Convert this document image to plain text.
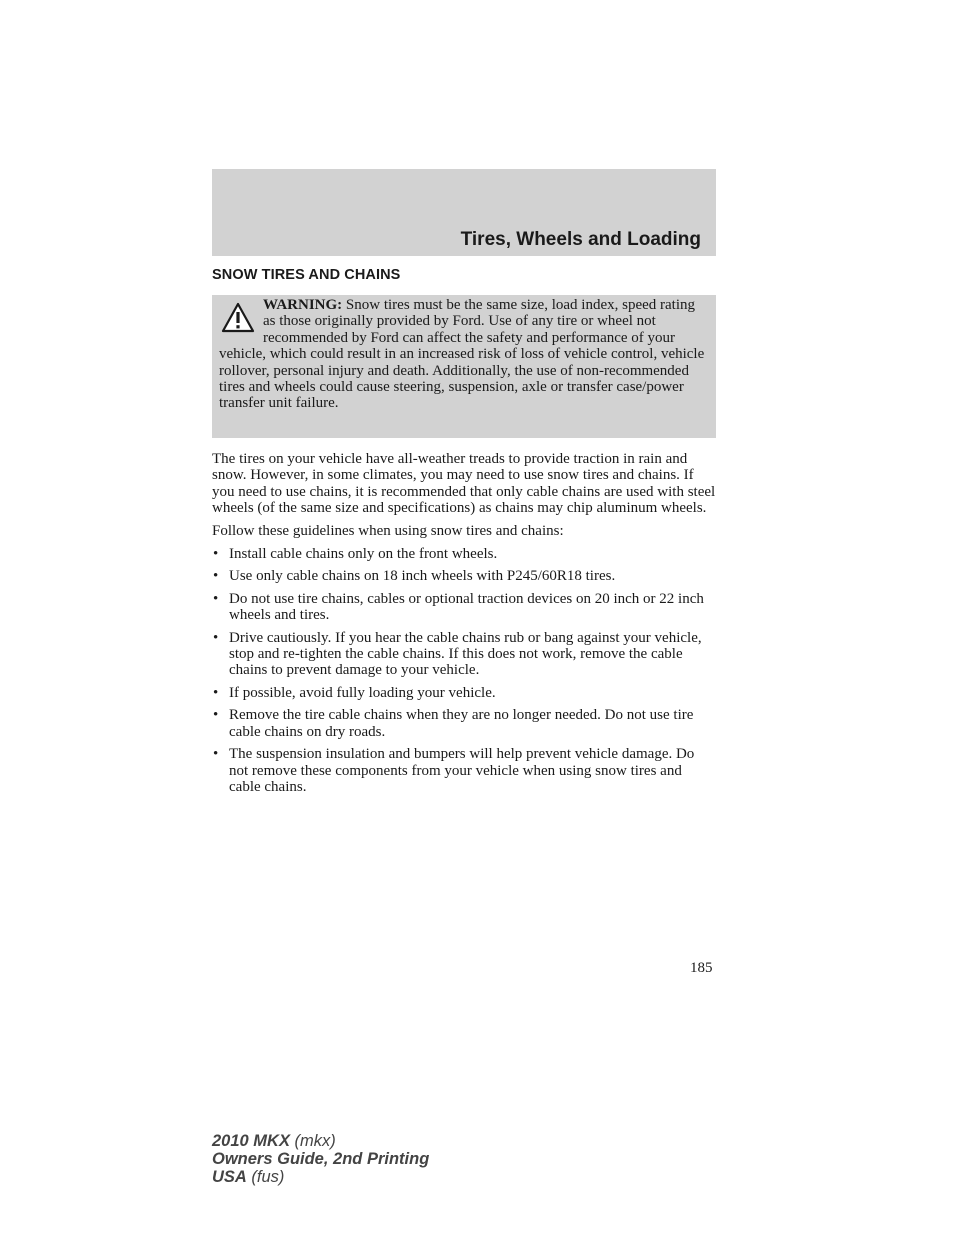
Tires, Wheels and Loading
SNOW TIRES AND CHAINS
WARNING: Snow tires must be the same size, load index, speed rating as those originally provided by Ford. Use of any tire or wheel not recommended by Ford can affect the safety and performance of your vehicle, which could result in an increased risk of loss of vehicle control, vehicle rollover, personal injury and death. Additionally, the use of non-recommended tires and wheels could cause steering, suspension, axle or transfer case/power transfer unit failure.

The tires on your vehicle have all-weather treads to provide traction in rain and snow. However, in some climates, you may need to use snow tires and chains. If you need to use chains, it is recommended that only cable chains are used with steel wheels (of the same size and specifications) as chains may chip aluminum wheels.

Follow these guidelines when using snow tires and chains:

• Install cable chains only on the front wheels.
• Use only cable chains on 18 inch wheels with P245/60R18 tires.
• Do not use tire chains, cables or optional traction devices on 20 inch or 22 inch wheels and tires.
• Drive cautiously. If you hear the cable chains rub or bang against your vehicle, stop and re-tighten the cable chains. If this does not work, remove the cable chains to prevent damage to your vehicle.
• If possible, avoid fully loading your vehicle.
• Remove the tire cable chains when they are no longer needed. Do not use tire cable chains on dry roads.
• The suspension insulation and bumpers will help prevent vehicle damage. Do not remove these components from your vehicle when using snow tires and cable chains.
185
2010 MKX (mkx)
Owners Guide, 2nd Printing
USA (fus)
